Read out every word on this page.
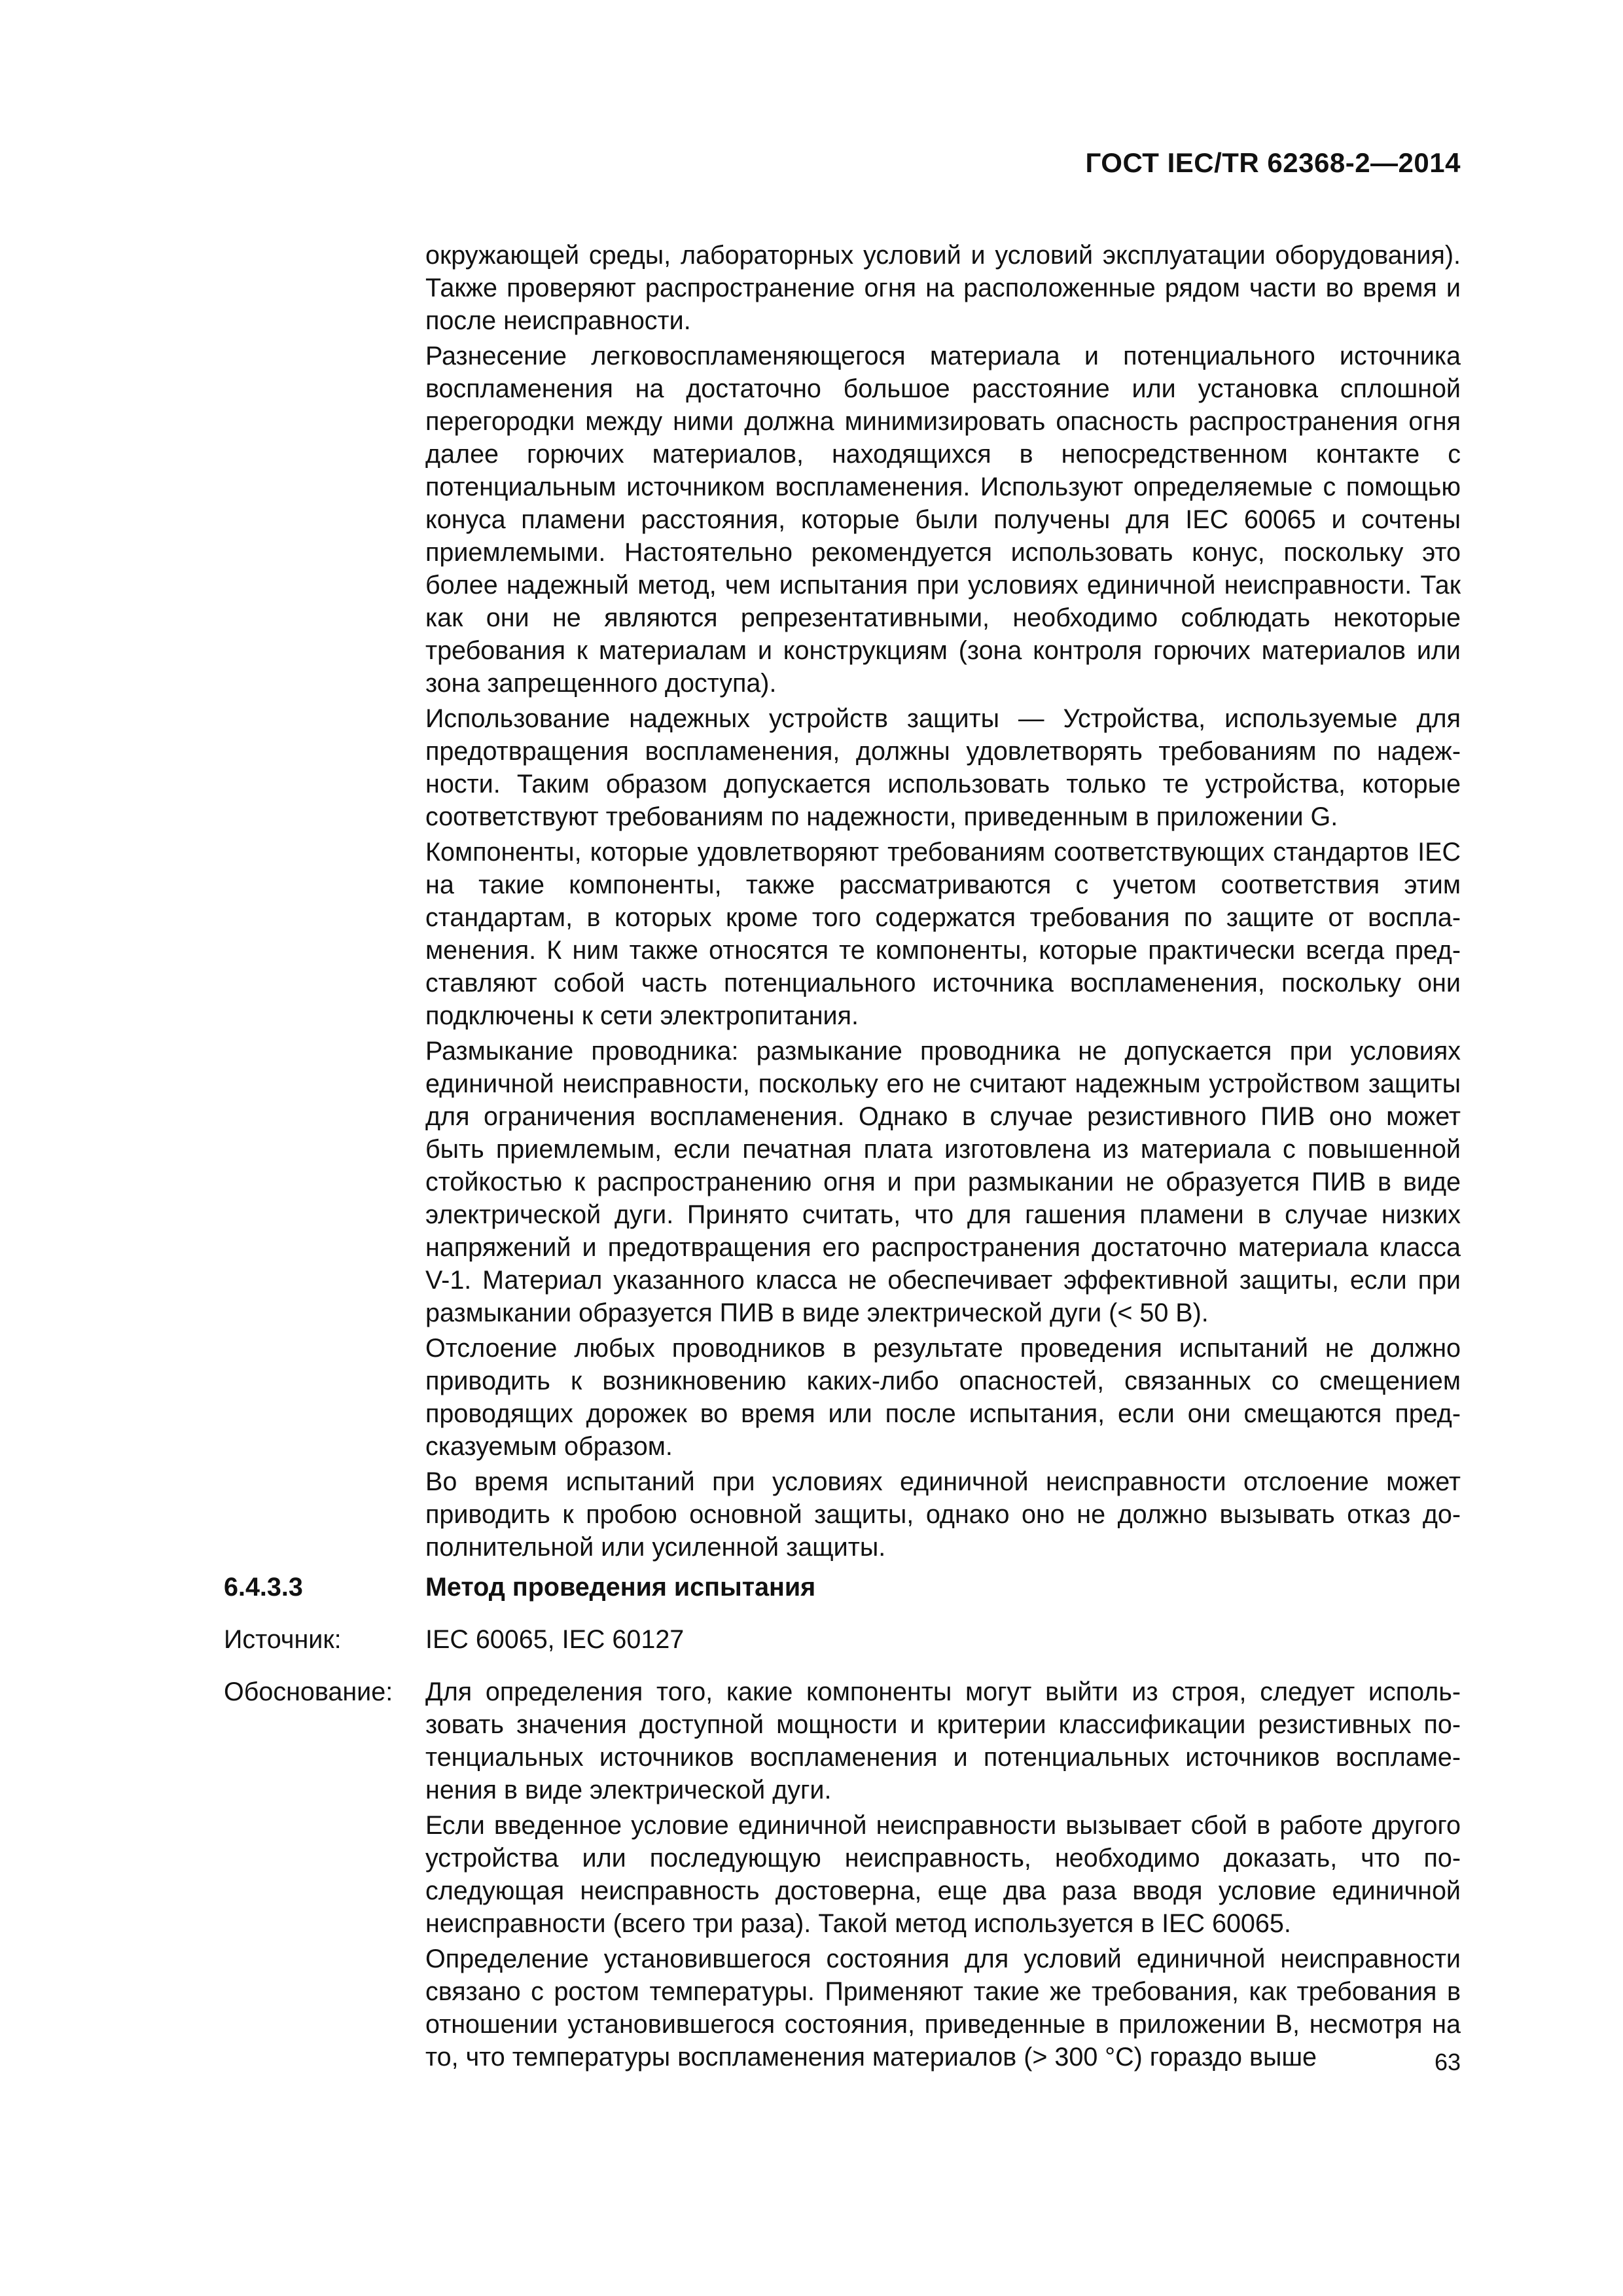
ГОСТ IEC/TR 62368-2—2014

окружающей среды, лабораторных условий и условий эксплуатации оборудования). Также проверяют распространение огня на расположенные рядом части во время и после неисправности.

Разнесение легковоспламеняющегося материала и потенциального источника воспламенения на достаточно большое расстояние или установка сплошной перегородки между ними должна минимизировать опасность распространения огня далее горючих материалов, находящихся в непосредственном контакте с потенциальным источником воспламенения. Используют определяемые с помощью конуса пламени расстояния, которые были получены для IEC 60065 и сочтены приемлемыми. Настоятельно рекомендуется использовать конус, поскольку это более надежный метод, чем испытания при условиях единичной неисправности. Так как они не являются репрезентативными, необходимо соблюдать некоторые требования к материалам и конструкциям (зона контроля горючих материалов или зона запрещенного доступа).

Использование надежных устройств защиты — Устройства, используемые для предотвращения воспламенения, должны удовлетворять требованиям по надежности. Таким образом допускается использовать только те устройства, которые соответствуют требованиям по надежности, приведенным в приложении G.

Компоненты, которые удовлетворяют требованиям соответствующих стандартов IEC на такие компоненты, также рассматриваются с учетом соответствия этим стандартам, в которых кроме того содержатся требования по защите от воспламенения. К ним также относятся те компоненты, которые практически всегда представляют собой часть потенциального источника воспламенения, поскольку они подключены к сети электропитания.

Размыкание проводника: размыкание проводника не допускается при условиях единичной неисправности, поскольку его не считают надежным устройством защиты для ограничения воспламенения. Однако в случае резистивного ПИВ оно может быть приемлемым, если печатная плата изготовлена из материала с повышенной стойкостью к распространению огня и при размыкании не образуется ПИВ в виде электрической дуги. Принято считать, что для гашения пламени в случае низких напряжений и предотвращения его распространения достаточно материала класса V-1. Материал указанного класса не обеспечивает эффективной защиты, если при размыкании образуется ПИВ в виде электрической дуги (< 50 В).

Отслоение любых проводников в результате проведения испытаний не должно приводить к возникновению каких-либо опасностей, связанных со смещением проводящих дорожек во время или после испытания, если они смещаются предсказуемым образом.

Во время испытаний при условиях единичной неисправности отслоение может приводить к пробою основной защиты, однако оно не должно вызывать отказ дополнительной или усиленной защиты.

6.4.3.3	Метод проведения испытания
Источник:	IEC 60065, IEC 60127
Обоснование: Для определения того, какие компоненты могут выйти из строя, следует использовать значения доступной мощности и критерии классификации резистивных потенциальных источников воспламенения и потенциальных источников воспламенения в виде электрической дуги.

Если введенное условие единичной неисправности вызывает сбой в работе другого устройства или последующую неисправность, необходимо доказать, что последующая неисправность достоверна, еще два раза вводя условие единичной неисправности (всего три раза). Такой метод используется в IEC 60065.

Определение установившегося состояния для условий единичной неисправности связано с ростом температуры. Применяют такие же требования, как требования в отношении установившегося состояния, приведенные в приложении В, несмотря на то, что температуры воспламенения материалов (> 300 °С) гораздо выше	63
